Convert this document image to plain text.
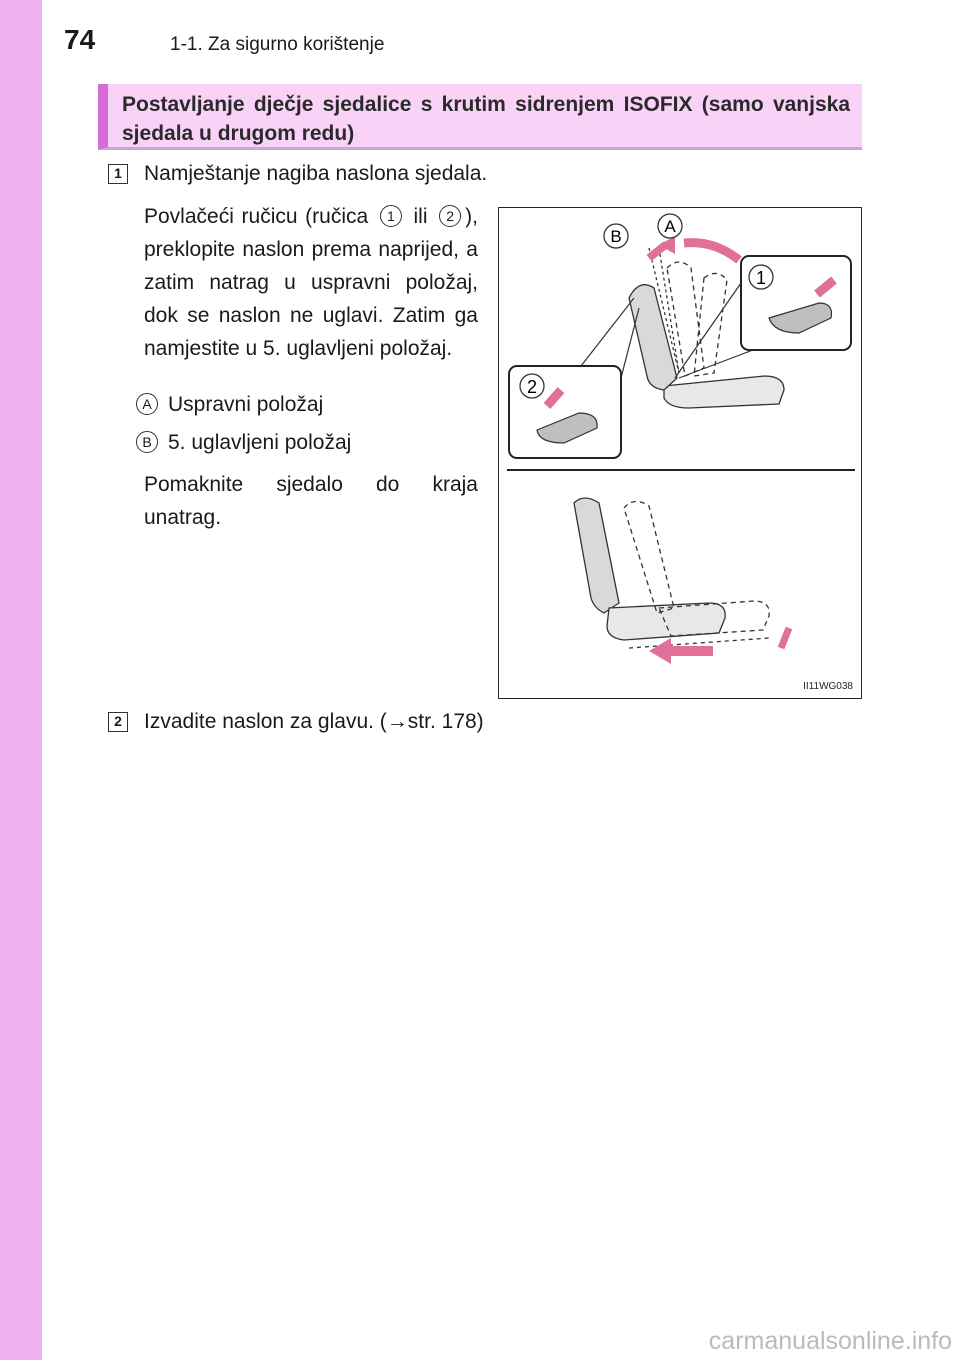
74	1-1. Za sigurno korištenje
Postavljanje dječje sjedalice s krutim sidrenjem ISOFIX (samo vanjska sjedala u drugom redu)
1 Namještanje nagiba naslona sjedala.
Povlačeći ručicu (ručica 1 ili 2 ), preklopite naslon prema naprijed, a zatim natrag u uspravni položaj, dok se naslon ne uglavi. Zatim ga namjestite u 5. uglavljeni položaj.
A Uspravni položaj
B 5. uglavljeni položaj
Pomaknite sjedalo do kraja unatrag.
B
A
1
2
II11WG038
2 Izvadite naslon za glavu. (→str. 178)
carmanualsonline.info
